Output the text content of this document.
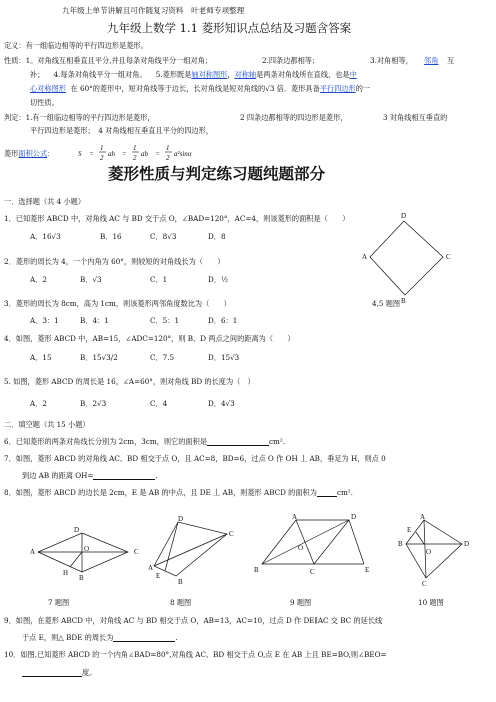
九年级上单节讲解且可作随复习资料　叶老师专项整理
九年级上数学 1.1 菱形知识点总结及习题含答案
定义：有一组临边相等的平行四边形是菱形。
性质：1。对角线互相垂直且平分,并且每条对角线平分一组对角；	2.四条边都相等；	3.对角相等， 邻角 互
补； 4.每条对角线平分一组对角。 5.菱形既是轴对称图形，对称轴是两条对角线所在直线，也是中
心对称图形 在 60°的菱形中，短对角线等于边长，长对角线是短对角线的√3 倍．菱形具备平行四边形的一
切性质。
判定：1.有一组临边相等的平行四边形是菱形，	2 四条边都相等的四边形是菱形，	3 对角线相互垂直的
平行四边形是菱形；　4 对角线相互垂直且平分的四边形，
菱形面积公式：	S =
1
2 ah =
1
2 ab =
1
2 a²sinα
菱形性质与判定练习题纯题部分
一．选择题（共 4 小题）
1．已知菱形 ABCD 中，对角线 AC 与 BD 交于点 O，∠BAD=120°，AC=4，则该菱形的面积是（　　）
A．16√3	B．16	C．8√3	D．8
2．菱形的周长为 4，一个内角为 60°，则较短的对角线长为（　　）
A．2	B．√3	C．1	D．½
A
B
C
D
3．菱形的周长为 8cm，高为 1cm，则该菱形两邻角度数比为（　　）	4,5 题图
A．3：1	B．4：1	C．5：1	D．6：1
4．如图，菱形 ABCD 中，AB=15，∠ADC=120°，则 B、D 两点之间的距离为（　　）
A．15	B．15√3/2	C．7.5	D．15√3
5. 如图，菱形 ABCD 的周长是 16，∠A=60°，则对角线 BD 的长度为（　）
A．2	B．2√3	C．4	D．4√3
二．填空题（共 15 小题）
6．已知菱形的两条对角线长分别为 2cm，3cm，则它的面积是	cm².
7．如图，菱形 ABCD 的对角线 AC、BD 相交于点 O，且 AC=8，BD=6，过点 O 作 OH 丄 AB，垂足为 H，则点 0
到边 AB 的距离 OH=	.
8．如图，菱形 ABCD 的边长是 2cm，E 是 AB 的中点，且 DE 丄 AB，则菱形 ABCD 的面积为	cm².
A
D
C
B
O
H
A
D
C
B
E
A	D
B	C	E
O
A
E
B	D
O
C
7 题图	8 题图	9 题图	10 题图
9．如图，在菱形 ABCD 中，对角线 AC 与 BD 相交于点 O，AB=13，AC=10，过点 D 作 DE∥AC 交 BC 的延长线
于点 E，则△ BDE 的周长为	.
10．如图,已知菱形 ABCD 的一个内角∠BAD=80°,对角线 AC、BD 相交于点 O,点 E 在 AB 上且 BE=BO,则∠BEO=
度。
